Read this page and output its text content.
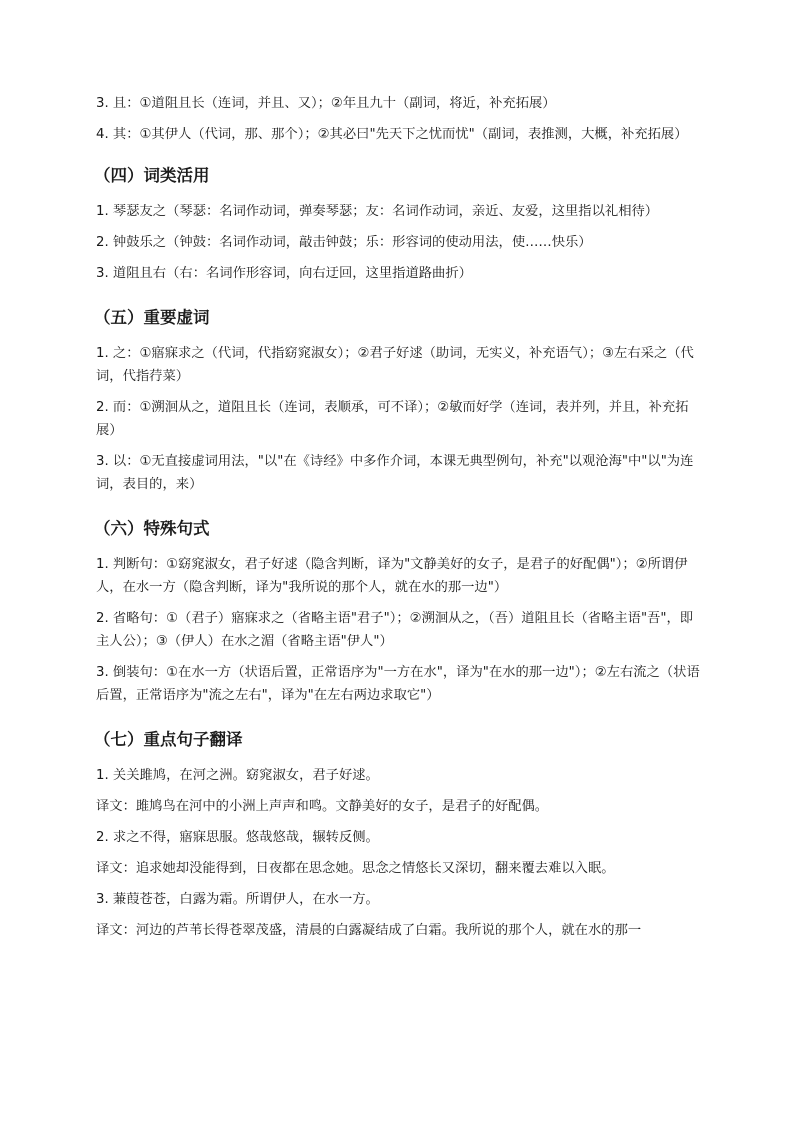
3. 且：①道阻且长（连词，并且、又）；②年且九十（副词，将近，补充拓展）
4. 其：①其伊人（代词，那、那个）；②其必曰"先天下之忧而忧"（副词，表推测，大概，补充拓展）
（四）词类活用
1. 琴瑟友之（琴瑟：名词作动词，弹奏琴瑟；友：名词作动词，亲近、友爱，这里指以礼相待）
2. 钟鼓乐之（钟鼓：名词作动词，敲击钟鼓；乐：形容词的使动用法，使……快乐）
3. 道阻且右（右：名词作形容词，向右迂回，这里指道路曲折）
（五）重要虚词
1. 之：①寤寐求之（代词，代指窈窕淑女）；②君子好逑（助词，无实义，补充语气）；③左右采之（代词，代指荇菜）
2. 而：①溯洄从之，道阻且长（连词，表顺承，可不译）；②敏而好学（连词，表并列，并且，补充拓展）
3. 以：①无直接虚词用法，"以"在《诗经》中多作介词，本课无典型例句，补充"以观沧海"中"以"为连词，表目的，来）
（六）特殊句式
1. 判断句：①窈窕淑女，君子好逑（隐含判断，译为"文静美好的女子，是君子的好配偶"）；②所谓伊人，在水一方（隐含判断，译为"我所说的那个人，就在水的那一边"）
2. 省略句：①（君子）寤寐求之（省略主语"君子"）；②溯洄从之，（吾）道阻且长（省略主语"吾"，即主人公）；③（伊人）在水之湄（省略主语"伊人"）
3. 倒装句：①在水一方（状语后置，正常语序为"一方在水"，译为"在水的那一边"）；②左右流之（状语后置，正常语序为"流之左右"，译为"在左右两边求取它"）
（七）重点句子翻译
1. 关关雎鸠，在河之洲。窈窕淑女，君子好逑。
译文：雎鸠鸟在河中的小洲上声声和鸣。文静美好的女子，是君子的好配偶。
2. 求之不得，寤寐思服。悠哉悠哉，辗转反侧。
译文：追求她却没能得到，日夜都在思念她。思念之情悠长又深切，翻来覆去难以入眠。
3. 蒹葭苍苍，白露为霜。所谓伊人，在水一方。
译文：河边的芦苇长得苍翠茂盛，清晨的白露凝结成了白霜。我所说的那个人，就在水的那一
